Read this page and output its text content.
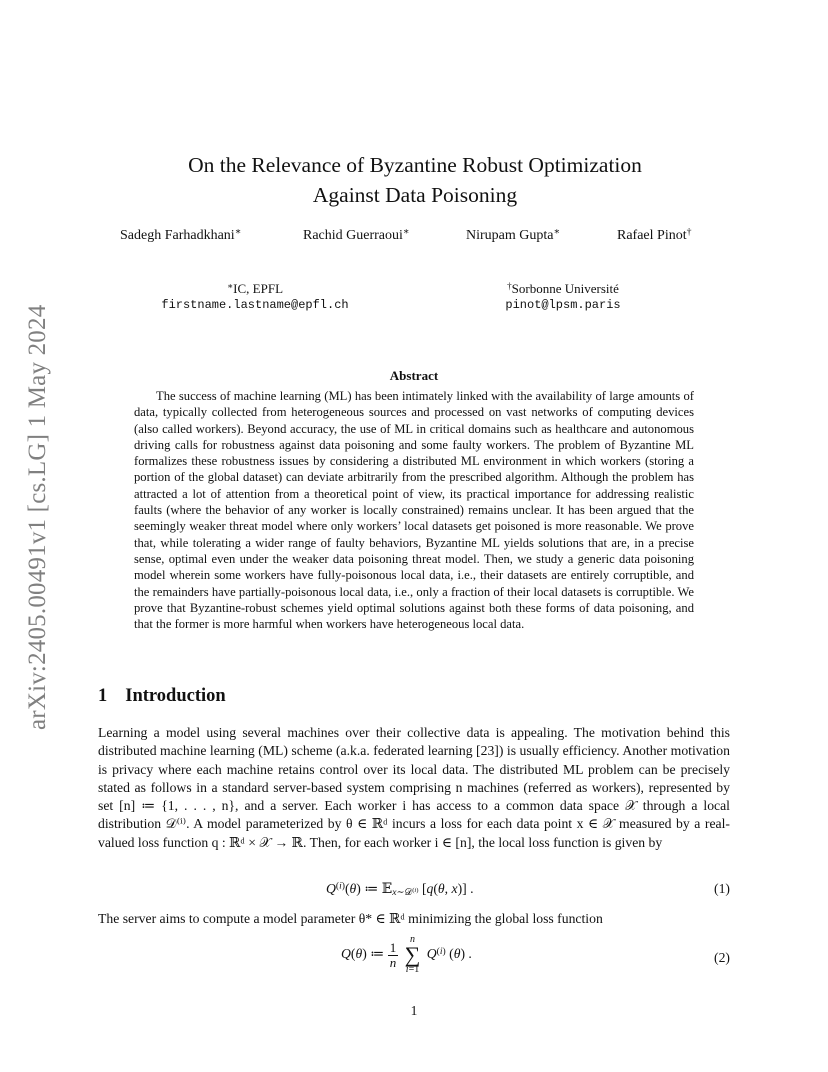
arXiv:2405.00491v1 [cs.LG] 1 May 2024
On the Relevance of Byzantine Robust Optimization
Against Data Poisoning
Sadegh Farhadkhani∗	Rachid Guerraoui∗	Nirupam Gupta∗	Rafael Pinot†
∗IC, EPFL
firstname.lastname@epfl.ch
†Sorbonne Université
pinot@lpsm.paris
Abstract

The success of machine learning (ML) has been intimately linked with the availability of large amounts of data, typically collected from heterogeneous sources and processed on vast networks of computing devices (also called workers). Beyond accuracy, the use of ML in critical domains such as healthcare and autonomous driving calls for robustness against data poisoning and some faulty workers. The problem of Byzantine ML formalizes these robustness issues by considering a distributed ML environment in which workers (storing a portion of the global dataset) can deviate arbitrarily from the prescribed algorithm. Although the problem has attracted a lot of attention from a theoretical point of view, its practical importance for addressing realistic faults (where the behavior of any worker is locally constrained) remains unclear. It has been argued that the seemingly weaker threat model where only workers’ local datasets get poisoned is more reasonable. We prove that, while tolerating a wider range of faulty behaviors, Byzantine ML yields solutions that are, in a precise sense, optimal even under the weaker data poisoning threat model. Then, we study a generic data poisoning model wherein some workers have fully-poisonous local data, i.e., their datasets are entirely corruptible, and the remainders have partially-poisonous local data, i.e., only a fraction of their local datasets is corruptible. We prove that Byzantine-robust schemes yield optimal solutions against both these forms of data poisoning, and that the former is more harmful when workers have heterogeneous local data.

1 Introduction

Learning a model using several machines over their collective data is appealing. The motivation behind this distributed machine learning (ML) scheme (a.k.a. federated learning [23]) is usually efficiency. Another motivation is privacy where each machine retains control over its local data. The distributed ML problem can be precisely stated as follows in a standard server-based system comprising n machines (referred as workers), represented by set [n] ≔ {1, . . . , n}, and a server. Each worker i has access to a common data space 𝒳 through a local distribution 𝒟⁽ⁱ⁾. A model parameterized by θ ∈ ℝᵈ incurs a loss for each data point x ∈ 𝒳 measured by a real-valued loss function q : ℝᵈ × 𝒳 → ℝ. Then, for each worker i ∈ [n], the local loss function is given by

$Q^{(i)}(\theta)$ ≔ 𝔼$_{x\sim 𝒟^{(i)}}$ [q(θ, x)] .	(1)

The server aims to compute a model parameter θ* ∈ ℝᵈ minimizing the global loss function

Q(θ) ≔ $\frac{1}{n}$

n
∑
i=1
$Q^{(i)}$ (θ) .	(2)
1
